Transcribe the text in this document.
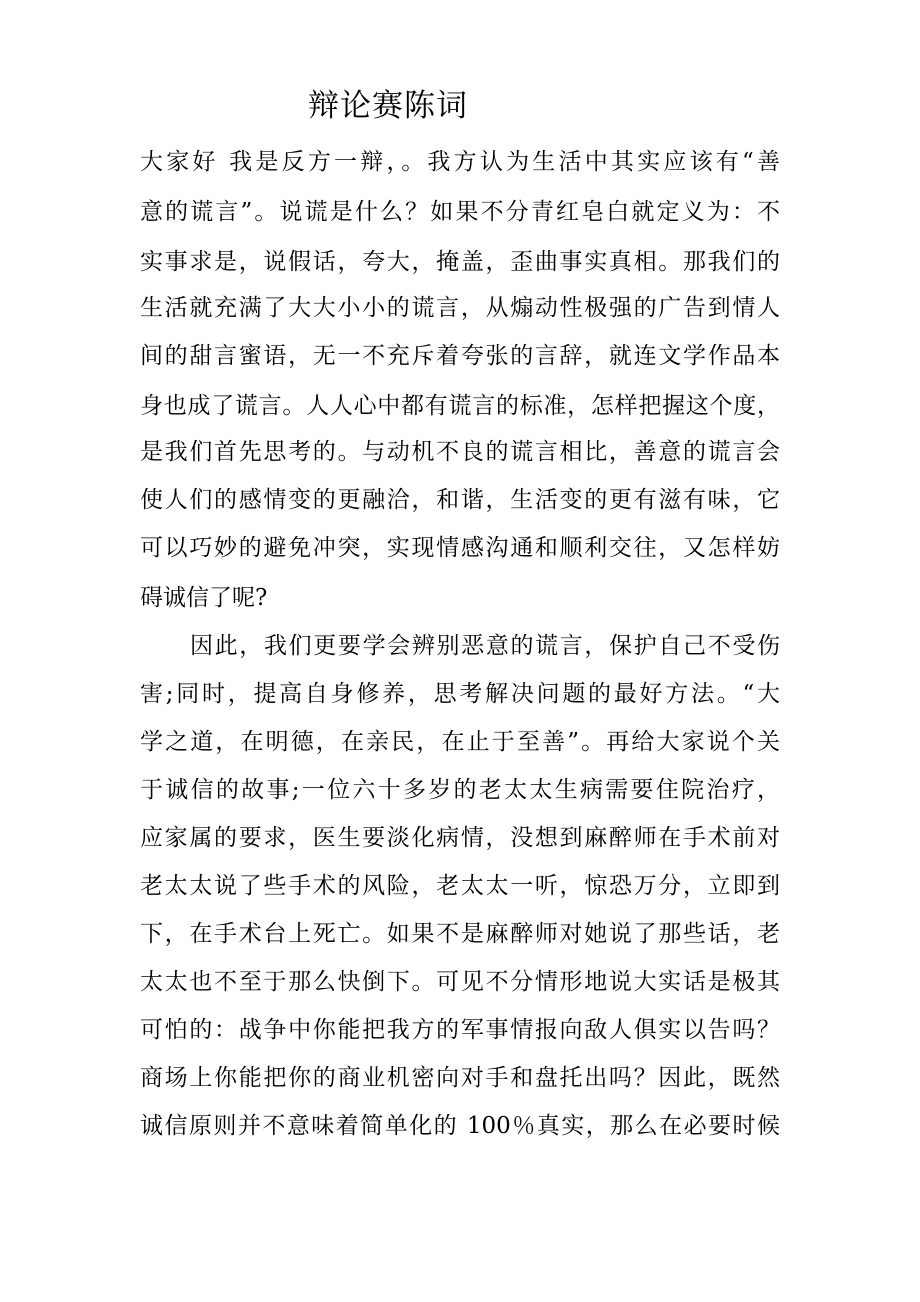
辩论赛陈词
大家好 我是反方一辩，。我方认为生活中其实应该有“善
意的谎言”。说谎是什么？如果不分青红皂白就定义为：不
实事求是，说假话，夸大，掩盖，歪曲事实真相。那我们的
生活就充满了大大小小的谎言，从煽动性极强的广告到情人
间的甜言蜜语，无一不充斥着夸张的言辞，就连文学作品本
身也成了谎言。人人心中都有谎言的标准，怎样把握这个度，
是我们首先思考的。与动机不良的谎言相比，善意的谎言会
使人们的感情变的更融洽，和谐，生活变的更有滋有味，它
可以巧妙的避免冲突，实现情感沟通和顺利交往，又怎样妨
碍诚信了呢?
因此，我们更要学会辨别恶意的谎言，保护自己不受伤
害;同时，提高自身修养，思考解决问题的最好方法。“大
学之道，在明德，在亲民，在止于至善”。再给大家说个关
于诚信的故事;一位六十多岁的老太太生病需要住院治疗，
应家属的要求，医生要淡化病情，没想到麻醉师在手术前对
老太太说了些手术的风险，老太太一听，惊恐万分，立即到
下，在手术台上死亡。如果不是麻醉师对她说了那些话，老
太太也不至于那么快倒下。可见不分情形地说大实话是极其
可怕的：战争中你能把我方的军事情报向敌人俱实以告吗？
商场上你能把你的商业机密向对手和盘托出吗？因此，既然
诚信原则并不意味着简单化的 100％真实，那么在必要时候
